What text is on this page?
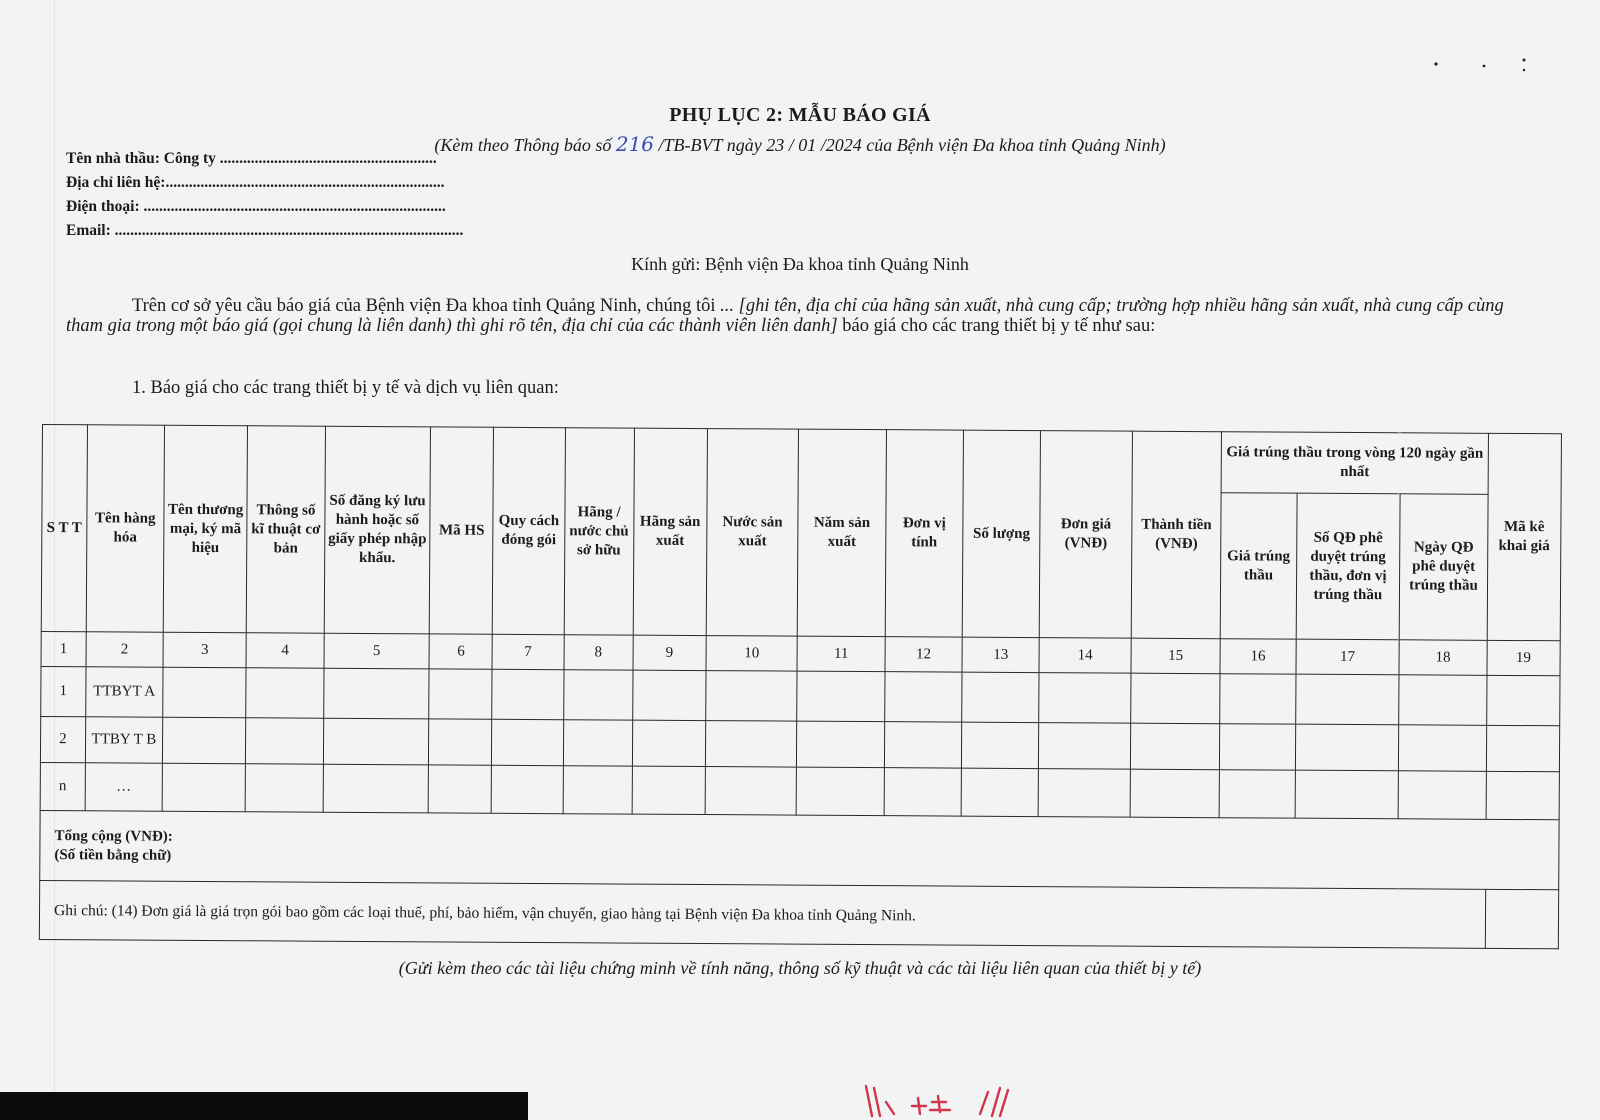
PHỤ LỤC 2: MẪU BÁO GIÁ
(Kèm theo Thông báo số 216 /TB-BVT ngày 23 / 01 /2024 của Bệnh viện Đa khoa tỉnh Quảng Ninh)
Tên nhà thầu: Công ty ........................................................
Địa chỉ liên hệ:........................................................................
Điện thoại: ..............................................................................
Email: ..........................................................................................
Kính gửi: Bệnh viện Đa khoa tỉnh Quảng Ninh
Trên cơ sở yêu cầu báo giá của Bệnh viện Đa khoa tỉnh Quảng Ninh, chúng tôi ... [ghi tên, địa chỉ của hãng sản xuất, nhà cung cấp; trường hợp nhiều hãng sản xuất, nhà cung cấp cùng tham gia trong một báo giá (gọi chung là liên danh) thì ghi rõ tên, địa chỉ của các thành viên liên danh] báo giá cho các trang thiết bị y tế như sau:
1. Báo giá cho các trang thiết bị y tế và dịch vụ liên quan:
S T T	Tên hàng hóa	Tên thương mại, ký mã hiệu	Thông số kĩ thuật cơ bản	Số đăng ký lưu hành hoặc số giấy phép nhập khẩu.	Mã HS	Quy cách đóng gói	Hãng / nước chủ sở hữu	Hãng sản xuất	Nước sản xuất	Năm sản xuất	Đơn vị tính	Số lượng	Đơn giá (VNĐ)	Thành tiền (VNĐ)	Giá trúng thầu trong vòng 120 ngày gần nhất			Mã kê khai giá
															Giá trúng thầu	Số QĐ phê duyệt trúng thầu, đơn vị trúng thầu	Ngày QĐ phê duyệt trúng thầu	
1	2	3	4	5	6	7	8	9	10	11	12	13	14	15	16	17	18	19
1	TTBYT A																	
2	TTBY T B																	
n	…																	

Tổng cộng (VNĐ):
(Số tiền bằng chữ)																		

Ghi chú: (14) Đơn giá là giá trọn gói bao gồm các loại thuế, phí, bảo hiểm, vận chuyển, giao hàng tại Bệnh viện Đa khoa tỉnh Quảng Ninh.																		
(Gửi kèm theo các tài liệu chứng minh về tính năng, thông số kỹ thuật và các tài liệu liên quan của thiết bị y tế)
